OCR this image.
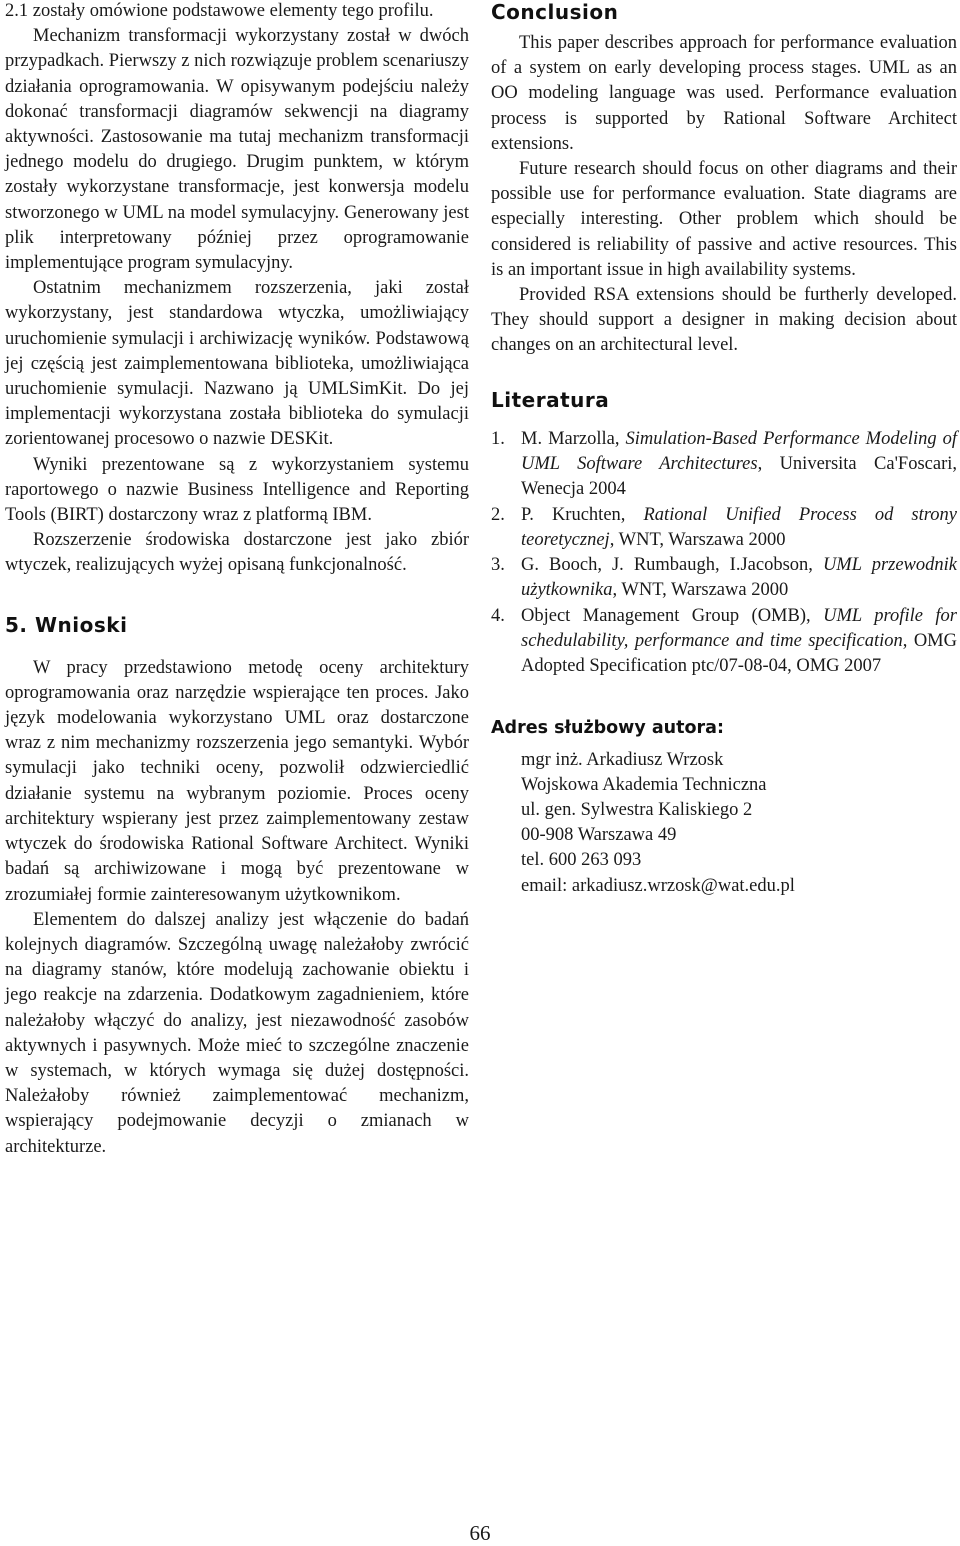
2.1 zostały omówione podstawowe elementy tego profilu.

Mechanizm transformacji wykorzystany został w dwóch przypadkach. Pierwszy z nich rozwiązuje problem scenariuszy działania oprogramowania. W opisywanym podejściu należy dokonać transformacji diagramów sekwencji na diagramy aktywności. Zastosowanie ma tutaj mechanizm transformacji jednego modelu do drugiego. Drugim punktem, w którym zostały wykorzystane transformacje, jest konwersja modelu stworzonego w UML na model symulacyjny. Generowany jest plik interpretowany później przez oprogramowanie implementujące program symulacyjny.

Ostatnim mechanizmem rozszerzenia, jaki został wykorzystany, jest standardowa wtyczka, umożliwiający uruchomienie symulacji i archiwizację wyników. Podstawową jej częścią jest zaimplementowana biblioteka, umożliwiająca uruchomienie symulacji. Nazwano ją UMLSimKit. Do jej implementacji wykorzystana została biblioteka do symulacji zorientowanej procesowo o nazwie DESKit.

Wyniki prezentowane są z wykorzystaniem systemu raportowego o nazwie Business Intelligence and Reporting Tools (BIRT) dostarczony wraz z platformą IBM.

Rozszerzenie środowiska dostarczone jest jako zbiór wtyczek, realizujących wyżej opisaną funkcjonalność.

5. Wnioski

W pracy przedstawiono metodę oceny architektury oprogramowania oraz narzędzie wspierające ten proces. Jako język modelowania wykorzystano UML oraz dostarczone wraz z nim mechanizmy rozszerzenia jego semantyki. Wybór symulacji jako techniki oceny, pozwolił odzwierciedlić działanie systemu na wybranym poziomie. Proces oceny architektury wspierany jest przez zaimplementowany zestaw wtyczek do środowiska Rational Software Architect. Wyniki badań są archiwizowane i mogą być prezentowane w zrozumiałej formie zainteresowanym użytkownikom.

Elementem do dalszej analizy jest włączenie do badań kolejnych diagramów. Szczególną uwagę należałoby zwrócić na diagramy stanów, które modelują zachowanie obiektu i jego reakcje na zdarzenia. Dodatkowym zagadnieniem, które należałoby włączyć do analizy, jest niezawodność zasobów aktywnych i pasywnych. Może mieć to szczególne znaczenie w systemach, w których wymaga się dużej dostępności. Należałoby również zaimplementować mechanizm, wspierający podejmowanie decyzji o zmianach w architekturze.

Conclusion

This paper describes approach for performance evaluation of a system on early developing process stages. UML as an OO modeling language was used. Performance evaluation process is supported by Rational Software Architect extensions.

Future research should focus on other diagrams and their possible use for performance evaluation. State diagrams are especially interesting. Other problem which should be considered is reliability of passive and active resources. This is an important issue in high availability systems.

Provided RSA extensions should be furtherly developed. They should support a designer in making decision about changes on an architectural level.

Literatura
1. M. Marzolla, Simulation-Based Performance Modeling of UML Software Architectures, Universita Ca'Foscari, Wenecja 2004
2. P. Kruchten, Rational Unified Process od strony teoretycznej, WNT, Warszawa 2000
3. G. Booch, J. Rumbaugh, I.Jacobson, UML przewodnik użytkownika, WNT, Warszawa 2000
4. Object Management Group (OMB), UML profile for schedulability, performance and time specification, OMG Adopted Specification ptc/07-08-04, OMG 2007
Adres służbowy autora:
mgr inż. Arkadiusz Wrzosk
Wojskowa Akademia Techniczna
ul. gen. Sylwestra Kaliskiego 2
00-908 Warszawa 49
tel. 600 263 093
email: arkadiusz.wrzosk@wat.edu.pl
66
